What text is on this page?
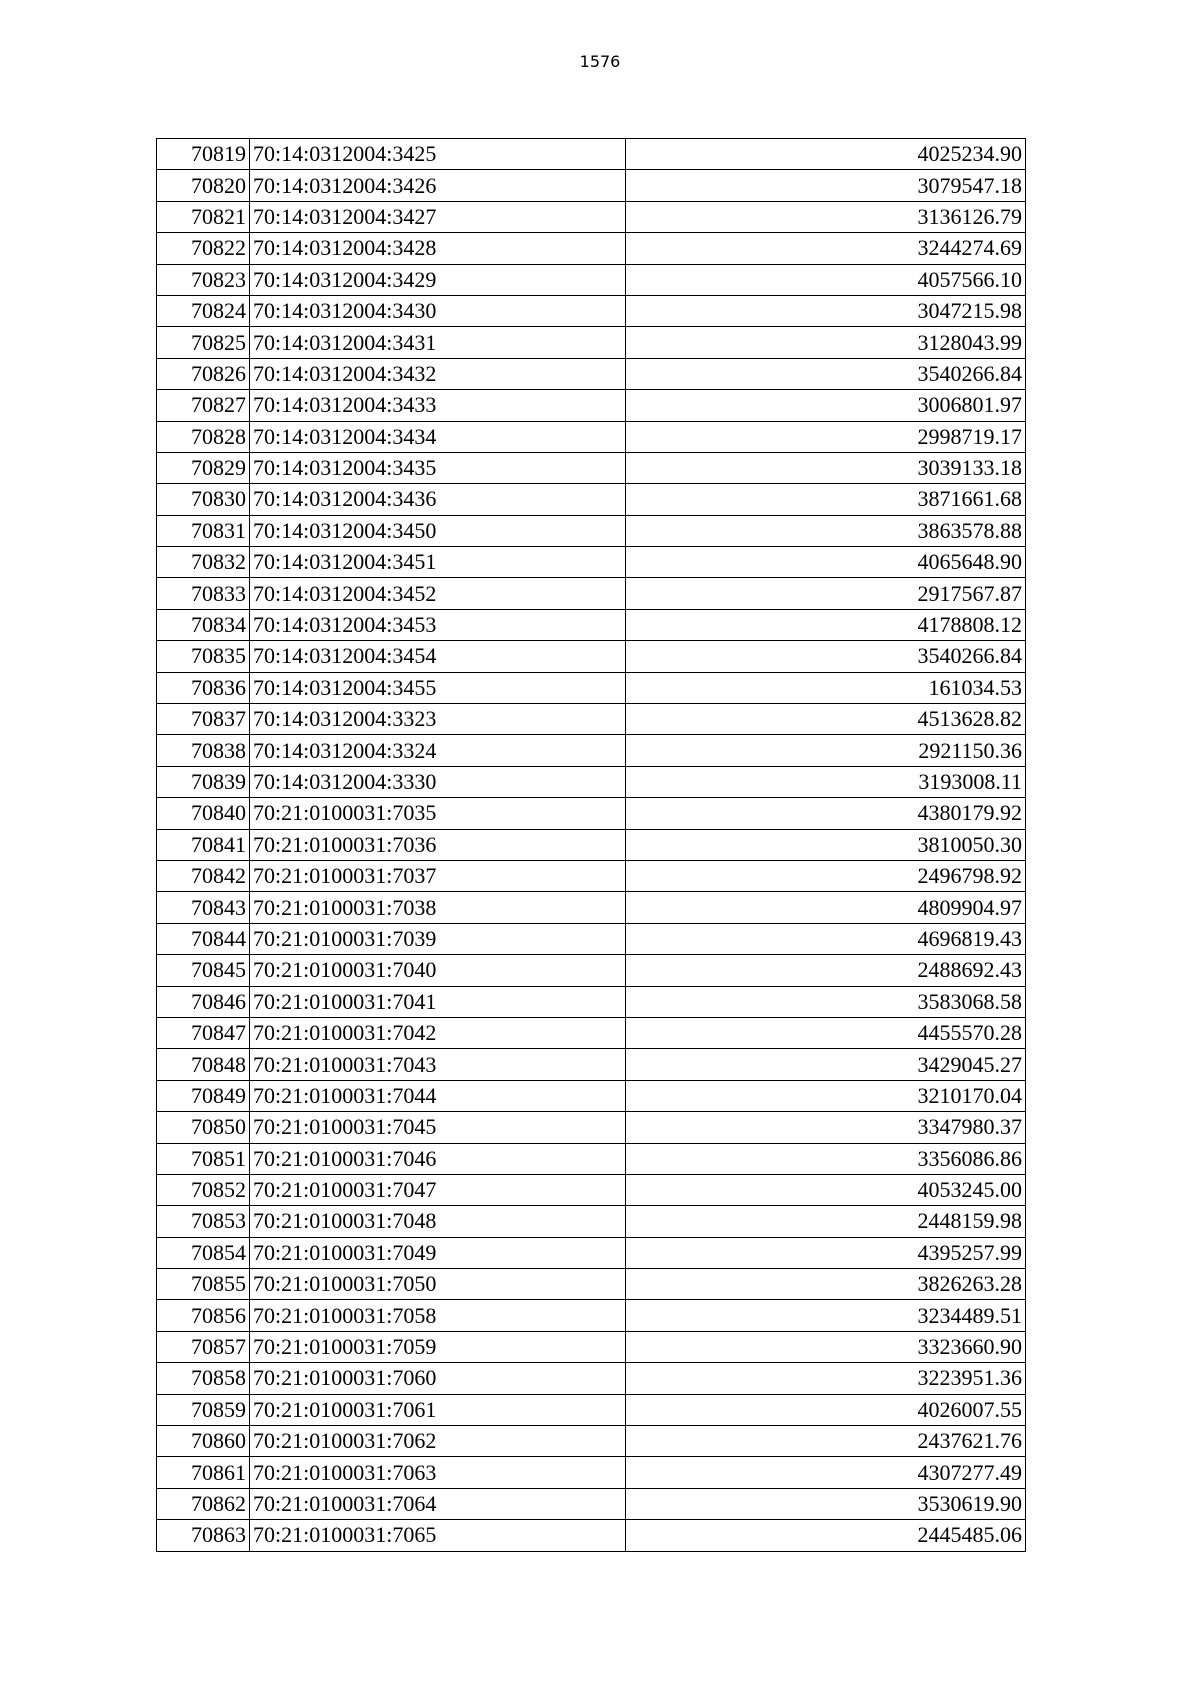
1576
70819	70:14:0312004:3425	4025234.90
70820	70:14:0312004:3426	3079547.18
70821	70:14:0312004:3427	3136126.79
70822	70:14:0312004:3428	3244274.69
70823	70:14:0312004:3429	4057566.10
70824	70:14:0312004:3430	3047215.98
70825	70:14:0312004:3431	3128043.99
70826	70:14:0312004:3432	3540266.84
70827	70:14:0312004:3433	3006801.97
70828	70:14:0312004:3434	2998719.17
70829	70:14:0312004:3435	3039133.18
70830	70:14:0312004:3436	3871661.68
70831	70:14:0312004:3450	3863578.88
70832	70:14:0312004:3451	4065648.90
70833	70:14:0312004:3452	2917567.87
70834	70:14:0312004:3453	4178808.12
70835	70:14:0312004:3454	3540266.84
70836	70:14:0312004:3455	161034.53
70837	70:14:0312004:3323	4513628.82
70838	70:14:0312004:3324	2921150.36
70839	70:14:0312004:3330	3193008.11
70840	70:21:0100031:7035	4380179.92
70841	70:21:0100031:7036	3810050.30
70842	70:21:0100031:7037	2496798.92
70843	70:21:0100031:7038	4809904.97
70844	70:21:0100031:7039	4696819.43
70845	70:21:0100031:7040	2488692.43
70846	70:21:0100031:7041	3583068.58
70847	70:21:0100031:7042	4455570.28
70848	70:21:0100031:7043	3429045.27
70849	70:21:0100031:7044	3210170.04
70850	70:21:0100031:7045	3347980.37
70851	70:21:0100031:7046	3356086.86
70852	70:21:0100031:7047	4053245.00
70853	70:21:0100031:7048	2448159.98
70854	70:21:0100031:7049	4395257.99
70855	70:21:0100031:7050	3826263.28
70856	70:21:0100031:7058	3234489.51
70857	70:21:0100031:7059	3323660.90
70858	70:21:0100031:7060	3223951.36
70859	70:21:0100031:7061	4026007.55
70860	70:21:0100031:7062	2437621.76
70861	70:21:0100031:7063	4307277.49
70862	70:21:0100031:7064	3530619.90
70863	70:21:0100031:7065	2445485.06
